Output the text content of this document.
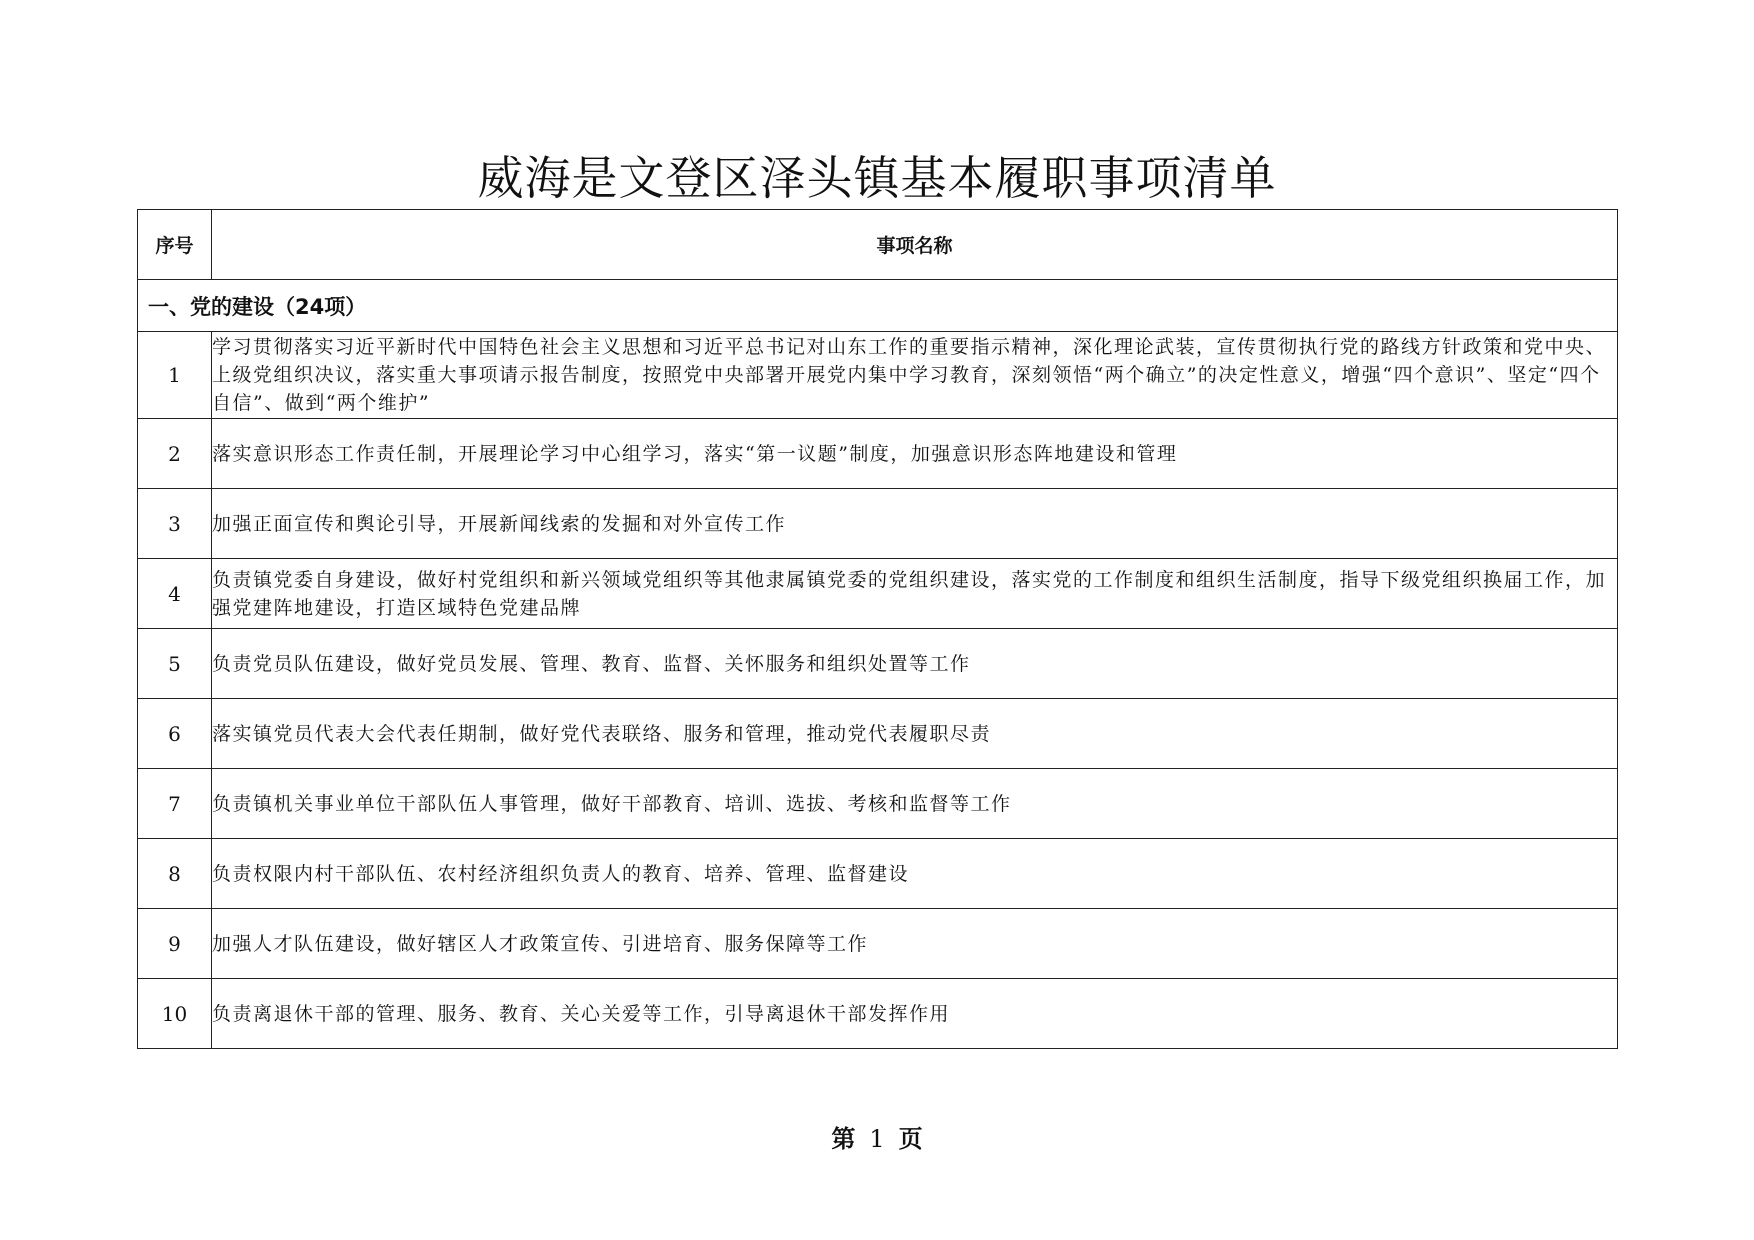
威海是文登区泽头镇基本履职事项清单
序号	事项名称
一、党的建设（24项）	
1	学习贯彻落实习近平新时代中国特色社会主义思想和习近平总书记对山东工作的重要指示精神，深化理论武装，宣传贯彻执行党的路线方针政策和党中央、上级党组织决议，落实重大事项请示报告制度，按照党中央部署开展党内集中学习教育，深刻领悟“两个确立”的决定性意义，增强“四个意识”、坚定“四个自信”、做到“两个维护”
2	落实意识形态工作责任制，开展理论学习中心组学习，落实“第一议题”制度，加强意识形态阵地建设和管理
3	加强正面宣传和舆论引导，开展新闻线索的发掘和对外宣传工作
4	负责镇党委自身建设，做好村党组织和新兴领域党组织等其他隶属镇党委的党组织建设，落实党的工作制度和组织生活制度，指导下级党组织换届工作，加强党建阵地建设，打造区域特色党建品牌
5	负责党员队伍建设，做好党员发展、管理、教育、监督、关怀服务和组织处置等工作
6	落实镇党员代表大会代表任期制，做好党代表联络、服务和管理，推动党代表履职尽责
7	负责镇机关事业单位干部队伍人事管理，做好干部教育、培训、选拔、考核和监督等工作
8	负责权限内村干部队伍、农村经济组织负责人的教育、培养、管理、监督建设
9	加强人才队伍建设，做好辖区人才政策宣传、引进培育、服务保障等工作
10	负责离退休干部的管理、服务、教育、关心关爱等工作，引导离退休干部发挥作用
第 1 页
